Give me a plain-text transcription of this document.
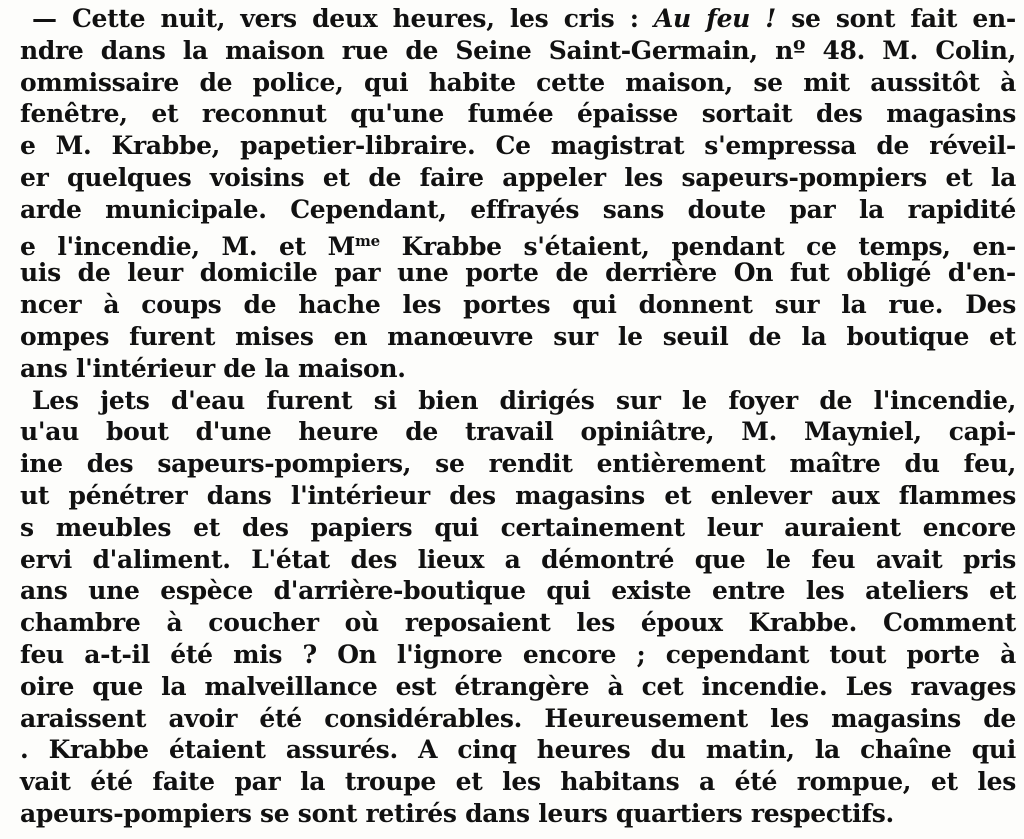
— Cette nuit, vers deux heures, les cris : Au feu ! se sont fait en-
ndre dans la maison rue de Seine Saint-Germain, nº 48. M. Colin,
ommissaire de police, qui habite cette maison, se mit aussitôt à
fenêtre, et reconnut qu'une fumée épaisse sortait des magasins
e M. Krabbe, papetier-libraire. Ce magistrat s'empressa de réveil-
er quelques voisins et de faire appeler les sapeurs-pompiers et la
arde municipale. Cependant, effrayés sans doute par la rapidité
e l'incendie, M. et $M^{me}$ Krabbe s'étaient, pendant ce temps, en-
uis de leur domicile par une porte de derrière On fut obligé d'en-
ncer à coups de hache les portes qui donnent sur la rue. Des
ompes furent mises en manœuvre sur le seuil de la boutique et
ans l'intérieur de la maison.
Les jets d'eau furent si bien dirigés sur le foyer de l'incendie,
u'au bout d'une heure de travail opiniâtre, M. Mayniel, capi-
ine des sapeurs-pompiers, se rendit entièrement maître du feu,
ut pénétrer dans l'intérieur des magasins et enlever aux flammes
s meubles et des papiers qui certainement leur auraient encore
ervi d'aliment. L'état des lieux a démontré que le feu avait pris
ans une espèce d'arrière-boutique qui existe entre les ateliers et
chambre à coucher où reposaient les époux Krabbe. Comment
feu a-t-il été mis ? On l'ignore encore ; cependant tout porte à
oire que la malveillance est étrangère à cet incendie. Les ravages
araissent avoir été considérables. Heureusement les magasins de
. Krabbe étaient assurés. A cinq heures du matin, la chaîne qui
vait été faite par la troupe et les habitans a été rompue, et les
apeurs-pompiers se sont retirés dans leurs quartiers respectifs.
